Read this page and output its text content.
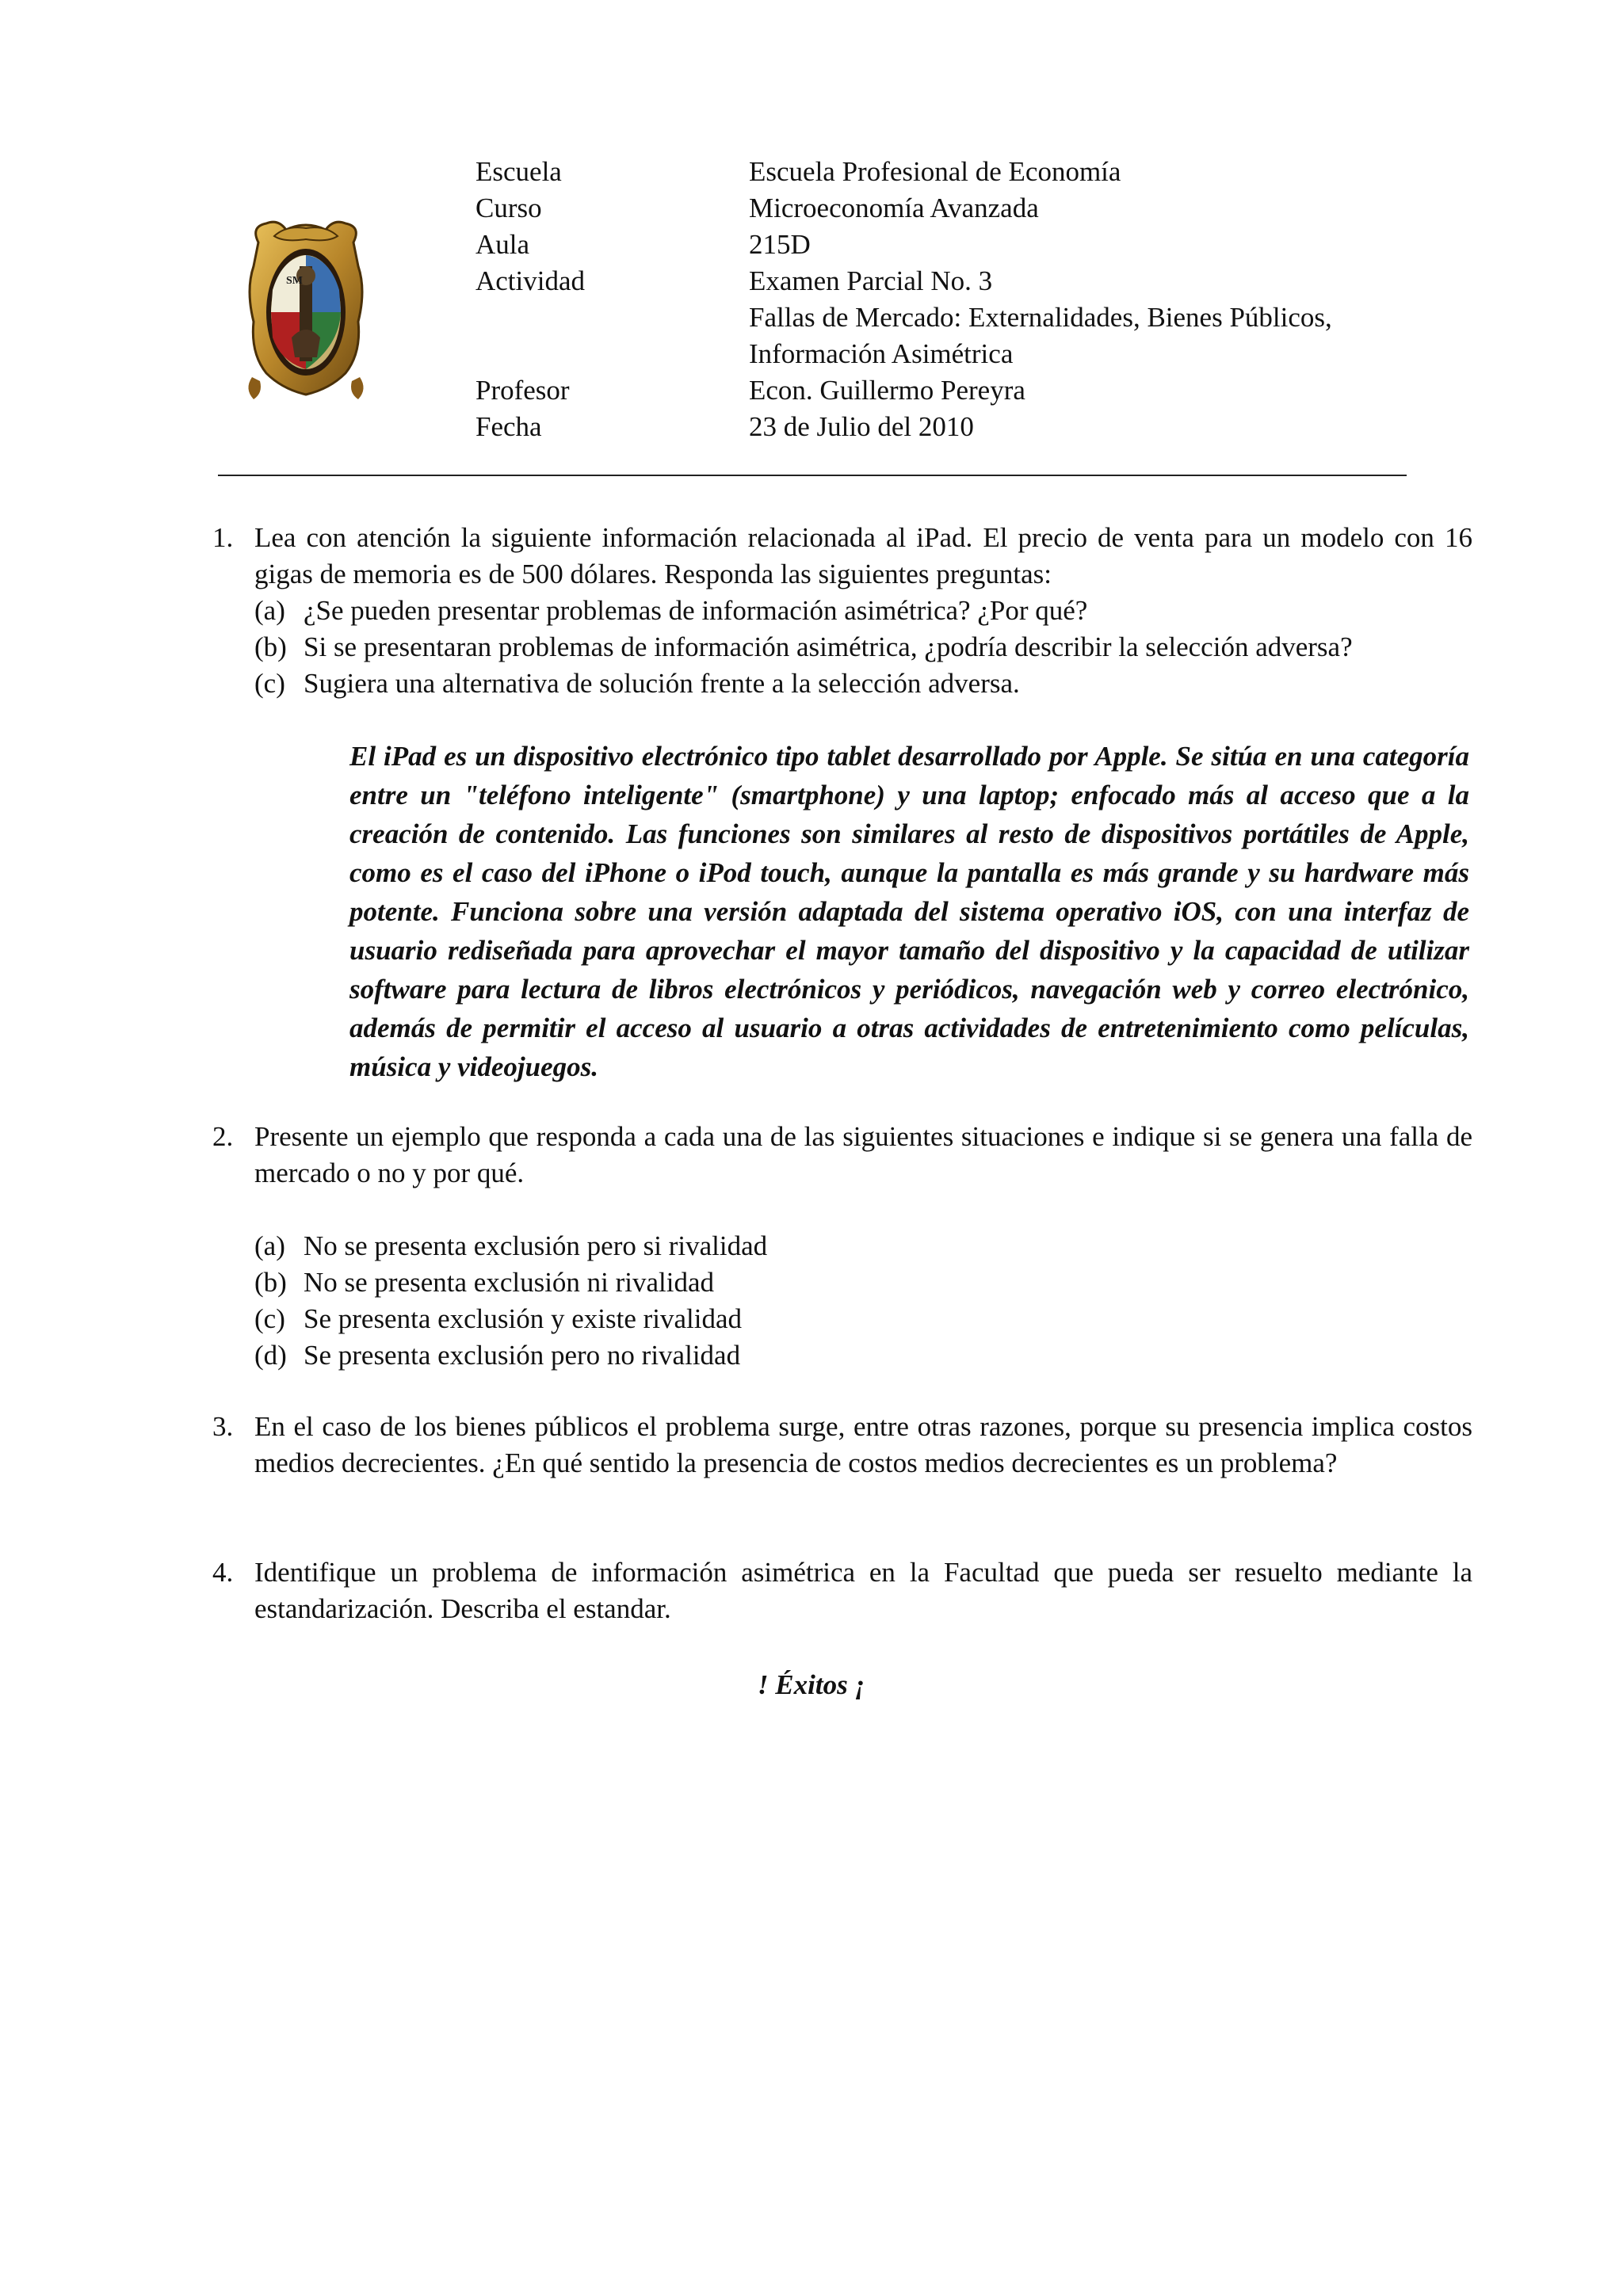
SM
Escuela	Escuela Profesional de Economía
Curso	Microeconomía Avanzada
Aula	215D
Actividad	Examen Parcial No. 3
Fallas de Mercado: Externalidades, Bienes Públicos,
Información Asimétrica
Profesor	Econ. Guillermo Pereyra
Fecha	23 de Julio del 2010
1. Lea con atención la siguiente información relacionada al iPad. El precio de venta para un modelo con 16 gigas de memoria es de 500 dólares. Responda las siguientes preguntas:
(a) ¿Se pueden presentar problemas de información asimétrica? ¿Por qué?
(b) Si se presentaran problemas de información asimétrica, ¿podría describir la selección adversa?
(c) Sugiera una alternativa de solución frente a la selección adversa.
El iPad es un dispositivo electrónico tipo tablet desarrollado por Apple. Se sitúa en una categoría entre un "teléfono inteligente" (smartphone) y una laptop; enfocado más al acceso que a la creación de contenido. Las funciones son similares al resto de dispositivos portátiles de Apple, como es el caso del iPhone o iPod touch, aunque la pantalla es más grande y su hardware más potente. Funciona sobre una versión adaptada del sistema operativo iOS, con una interfaz de usuario rediseñada para aprovechar el mayor tamaño del dispositivo y la capacidad de utilizar software para lectura de libros electrónicos y periódicos, navegación web y correo electrónico, además de permitir el acceso al usuario a otras actividades de entretenimiento como películas, música y videojuegos.
2. Presente un ejemplo que responda a cada una de las siguientes situaciones e indique si se genera una falla de mercado o no y por qué.
(a) No se presenta exclusión pero si rivalidad
(b) No se presenta exclusión ni rivalidad
(c) Se presenta exclusión y existe rivalidad
(d) Se presenta exclusión pero no rivalidad
3. En el caso de los bienes públicos el problema surge, entre otras razones, porque su presencia implica costos medios decrecientes. ¿En qué sentido la presencia de costos medios decrecientes es un problema?
4. Identifique un problema de información asimétrica en la Facultad que pueda ser resuelto mediante la estandarización. Describa el estandar.
! Éxitos ¡
